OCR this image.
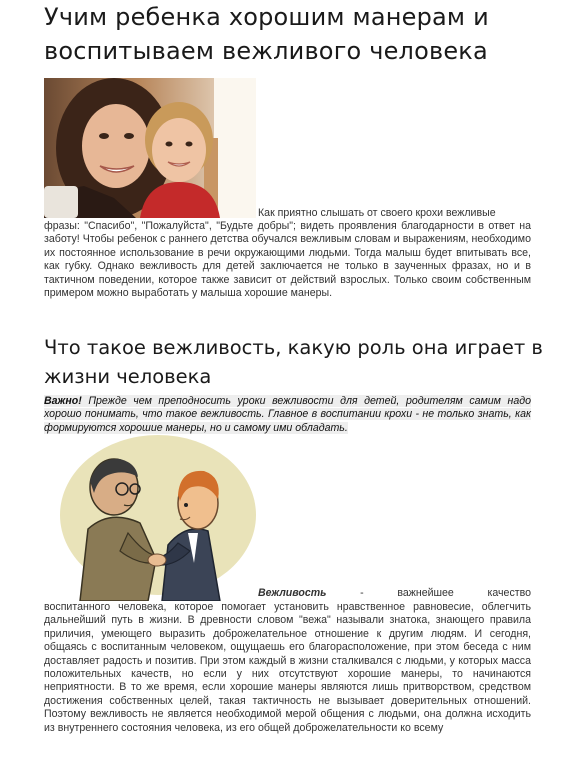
Учим ребенка хорошим манерам и воспитываем вежливого человека
Как приятно слышать от своего крохи вежливые
фразы: "Спасибо", "Пожалуйста", "Будьте добры"; видеть проявления благодарности в ответ на заботу! Чтобы ребенок с раннего детства обучался вежливым словам и выражениям, необходимо их постоянное использование в речи окружающими людьми. Тогда малыш будет впитывать все, как губку. Однако вежливость для детей заключается не только в заученных фразах, но и в тактичном поведении, которое также зависит от действий взрослых. Только своим собственным примером можно выработать у малыша хорошие манеры.
Что такое вежливость, какую роль она играет в жизни человека
Важно! Прежде чем преподносить уроки вежливости для детей, родителям самим надо хорошо понимать, что такое вежливость. Главное в воспитании крохи - не только знать, как формируются хорошие манеры, но и самому ими обладать.
Вежливость - важнейшее качество
воспитанного человека, которое помогает установить нравственное равновесие, облегчить дальнейший путь в жизни. В древности словом "вежа" называли знатока, знающего правила приличия, умеющего выразить доброжелательное отношение к другим людям. И сегодня, общаясь с воспитанным человеком, ощущаешь его благорасположение, при этом беседа с ним доставляет радость и позитив. При этом каждый в жизни сталкивался с людьми, у которых масса положительных качеств, но если у них отсутствуют хорошие манеры, то начинаются неприятности. В то же время, если хорошие манеры являются лишь притворством, средством достижения собственных целей, такая тактичность не вызывает доверительных отношений. Поэтому вежливость не является необходимой мерой общения с людьми, она должна исходить из внутреннего состояния человека, из его общей доброжелательности ко всему
